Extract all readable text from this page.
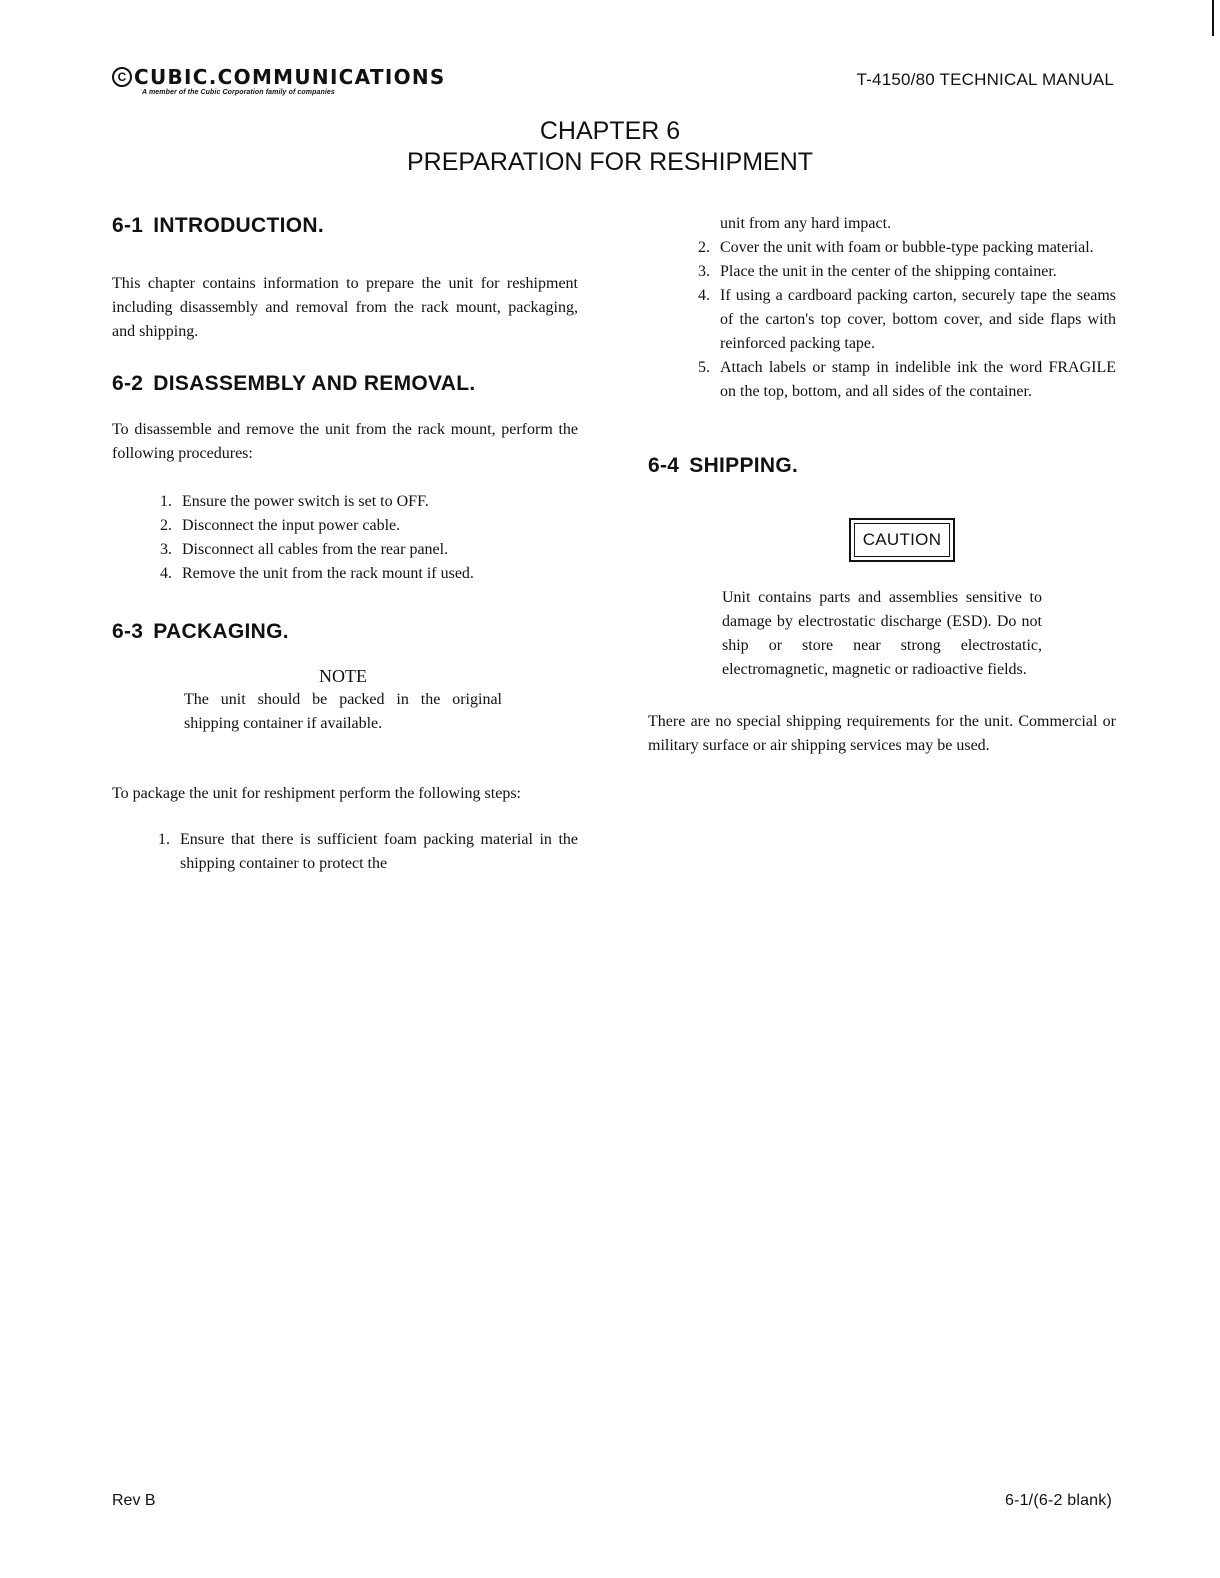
C CUBIC.COMMUNICATIONS
A member of the Cubic Corporation family of companies
T-4150/80 TECHNICAL MANUAL
CHAPTER 6
PREPARATION FOR RESHIPMENT
6-1 INTRODUCTION.

This chapter contains information to prepare the unit for reshipment including disassembly and removal from the rack mount, packaging, and shipping.

6-2 DISASSEMBLY AND REMOVAL.

To disassemble and remove the unit from the rack mount, perform the following procedures:

1. Ensure the power switch is set to OFF.
2. Disconnect the input power cable.
3. Disconnect all cables from the rear panel.
4. Remove the unit from the rack mount if used.
6-3 PACKAGING.
NOTE
The unit should be packed in the original shipping container if available.

To package the unit for reshipment perform the following steps:

1. Ensure that there is sufficient foam packing material in the shipping container to protect the
unit from any hard impact.
2. Cover the unit with foam or bubble-type packing material.
3. Place the unit in the center of the shipping container.
4. If using a cardboard packing carton, securely tape the seams of the carton's top cover, bottom cover, and side flaps with reinforced packing tape.
5. Attach labels or stamp in indelible ink the word FRAGILE on the top, bottom, and all sides of the container.
6-4 SHIPPING.
CAUTION
Unit contains parts and assemblies sensitive to damage by electrostatic discharge (ESD). Do not ship or store near strong electrostatic, electromagnetic, magnetic or radioactive fields.

There are no special shipping requirements for the unit. Commercial or military surface or air shipping services may be used.

Rev B	6-1/(6-2 blank)
